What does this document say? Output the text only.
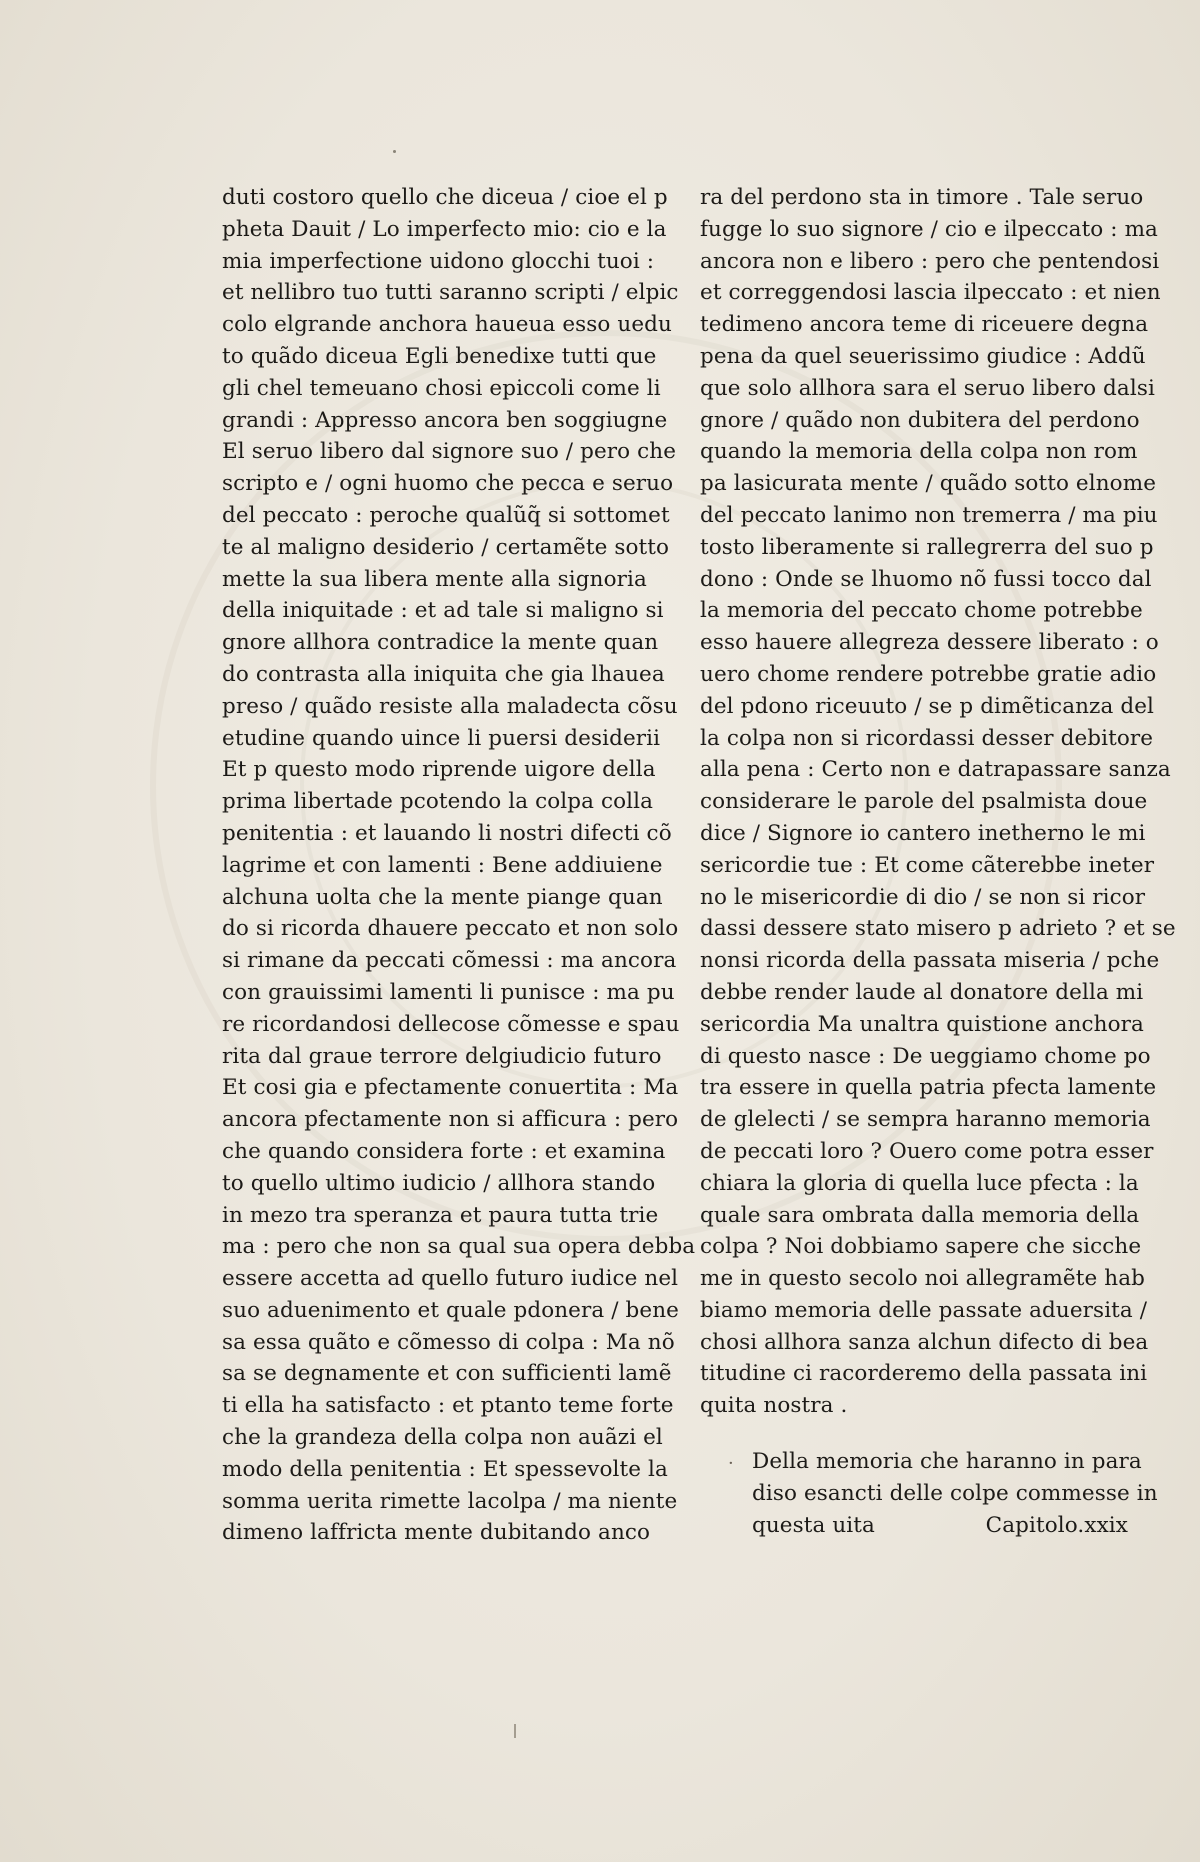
duti costoro quello che diceua / cioe el p
pheta Dauit / Lo imperfecto mio: cio e la
mia imperfectione uidono glocchi tuoi :
et nellibro tuo tutti saranno scripti / elpic
colo elgrande anchora haueua esso uedu
to quãdo diceua Egli benedixe tutti que
gli chel temeuano chosi epiccoli come li
grandi : Appresso ancora ben soggiugne
El seruo libero dal signore suo / pero che
scripto e / ogni huomo che pecca e seruo
del peccato : peroche qualũq̃ si sottomet
te al maligno desiderio / certamẽte sotto
mette la sua libera mente alla signoria
della iniquitade : et ad tale si maligno si
gnore allhora contradice la mente quan
do contrasta alla iniquita che gia lhauea
preso / quãdo resiste alla maladecta cõsu
etudine quando uince li puersi desiderii
Et p questo modo riprende uigore della
prima libertade pcotendo la colpa colla
penitentia : et lauando li nostri difecti cõ
lagrime et con lamenti : Bene addiuiene
alchuna uolta che la mente piange quan
do si ricorda dhauere peccato et non solo
si rimane da peccati cõmessi : ma ancora
con grauissimi lamenti li punisce : ma pu
re ricordandosi dellecose cõmesse e spau
rita dal graue terrore delgiudicio futuro
Et cosi gia e pfectamente conuertita : Ma
ancora pfectamente non si afficura : pero
che quando considera forte : et examina
to quello ultimo iudicio / allhora stando
in mezo tra speranza et paura tutta trie
ma : pero che non sa qual sua opera debba
essere accetta ad quello futuro iudice nel
suo aduenimento et quale pdonera / bene
sa essa quãto e cõmesso di colpa : Ma nõ
sa se degnamente et con sufficienti lamẽ
ti ella ha satisfacto : et ptanto teme forte
che la grandeza della colpa non auãzi el
modo della penitentia : Et spessevolte la
somma uerita rimette lacolpa / ma niente
dimeno laffricta mente dubitando anco
ra del perdono sta in timore . Tale seruo
fugge lo suo signore / cio e ilpeccato : ma
ancora non e libero : pero che pentendosi
et correggendosi lascia ilpeccato : et nien
tedimeno ancora teme di riceuere degna
pena da quel seuerissimo giudice : Addũ
que solo allhora sara el seruo libero dalsi
gnore / quãdo non dubitera del perdono
quando la memoria della colpa non rom
pa lasicurata mente / quãdo sotto elnome
del peccato lanimo non tremerra / ma piu
tosto liberamente si rallegrerra del suo p
dono : Onde se lhuomo nõ fussi tocco dal
la memoria del peccato chome potrebbe
esso hauere allegreza dessere liberato : o
uero chome rendere potrebbe gratie adio
del pdono riceuuto / se p dimẽticanza del
la colpa non si ricordassi desser debitore
alla pena : Certo non e datrapassare sanza
considerare le parole del psalmista doue
dice / Signore io cantero inetherno le mi
sericordie tue : Et come cãterebbe ineter
no le misericordie di dio / se non si ricor
dassi dessere stato misero p adrieto ? et se
nonsi ricorda della passata miseria / pche
debbe render laude al donatore della mi
sericordia Ma unaltra quistione anchora
di questo nasce : De ueggiamo chome po
tra essere in quella patria pfecta lamente
de glelecti / se sempra haranno memoria
de peccati loro ? Ouero come potra esser
chiara la gloria di quella luce pfecta : la
quale sara ombrata dalla memoria della
colpa ? Noi dobbiamo sapere che sicche
me in questo secolo noi allegramẽte hab
biamo memoria delle passate aduersita /
chosi allhora sanza alchun difecto di bea
titudine ci racorderemo della passata ini
quita nostra .
· Della memoria che haranno in para
diso esancti delle colpe commesse in
questa uita	Capitolo.xxix
